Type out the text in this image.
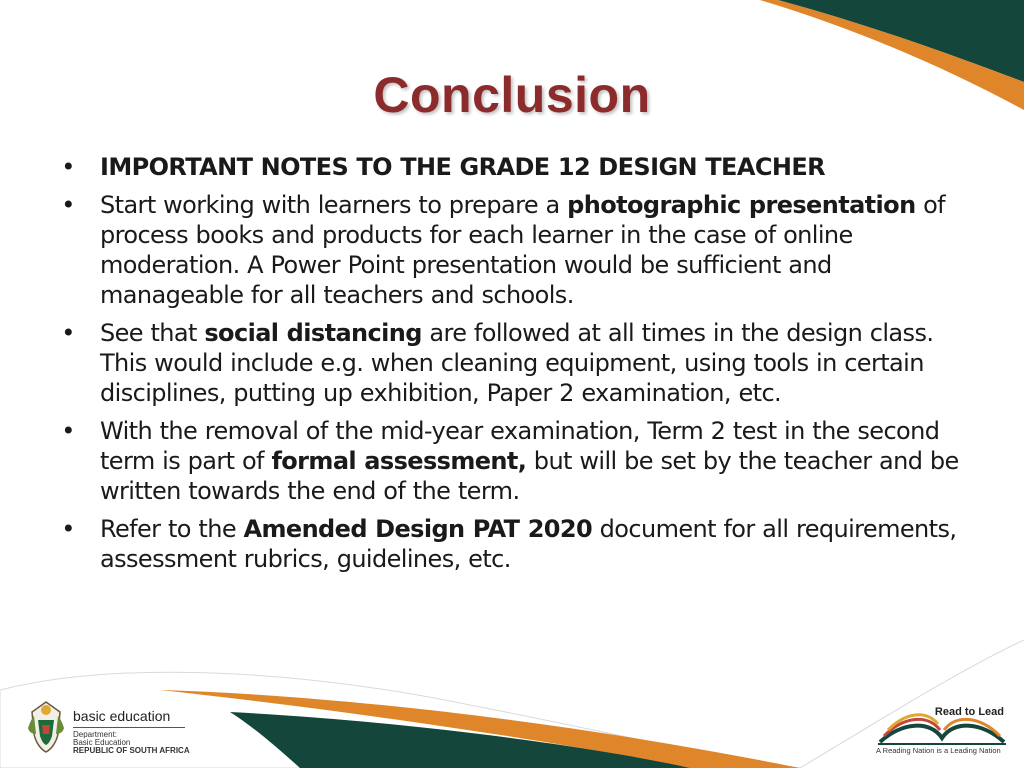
Conclusion
• IMPORTANT NOTES TO THE GRADE 12 DESIGN TEACHER
• Start working with learners to prepare a photographic presentation of process books and products for each learner in the case of online moderation. A Power Point presentation would be sufficient and manageable for all teachers and schools.
• See that social distancing are followed at all times in the design class. This would include e.g. when cleaning equipment, using tools in certain disciplines, putting up exhibition, Paper 2 examination, etc.
• With the removal of the mid-year examination, Term 2 test in the second term is part of formal assessment, but will be set by the teacher and be written towards the end of the term.
• Refer to the Amended Design PAT 2020 document for all requirements, assessment rubrics, guidelines, etc.
basic education
Department:
Basic Education
REPUBLIC OF SOUTH AFRICA
Read to Lead
A Reading Nation is a Leading Nation
